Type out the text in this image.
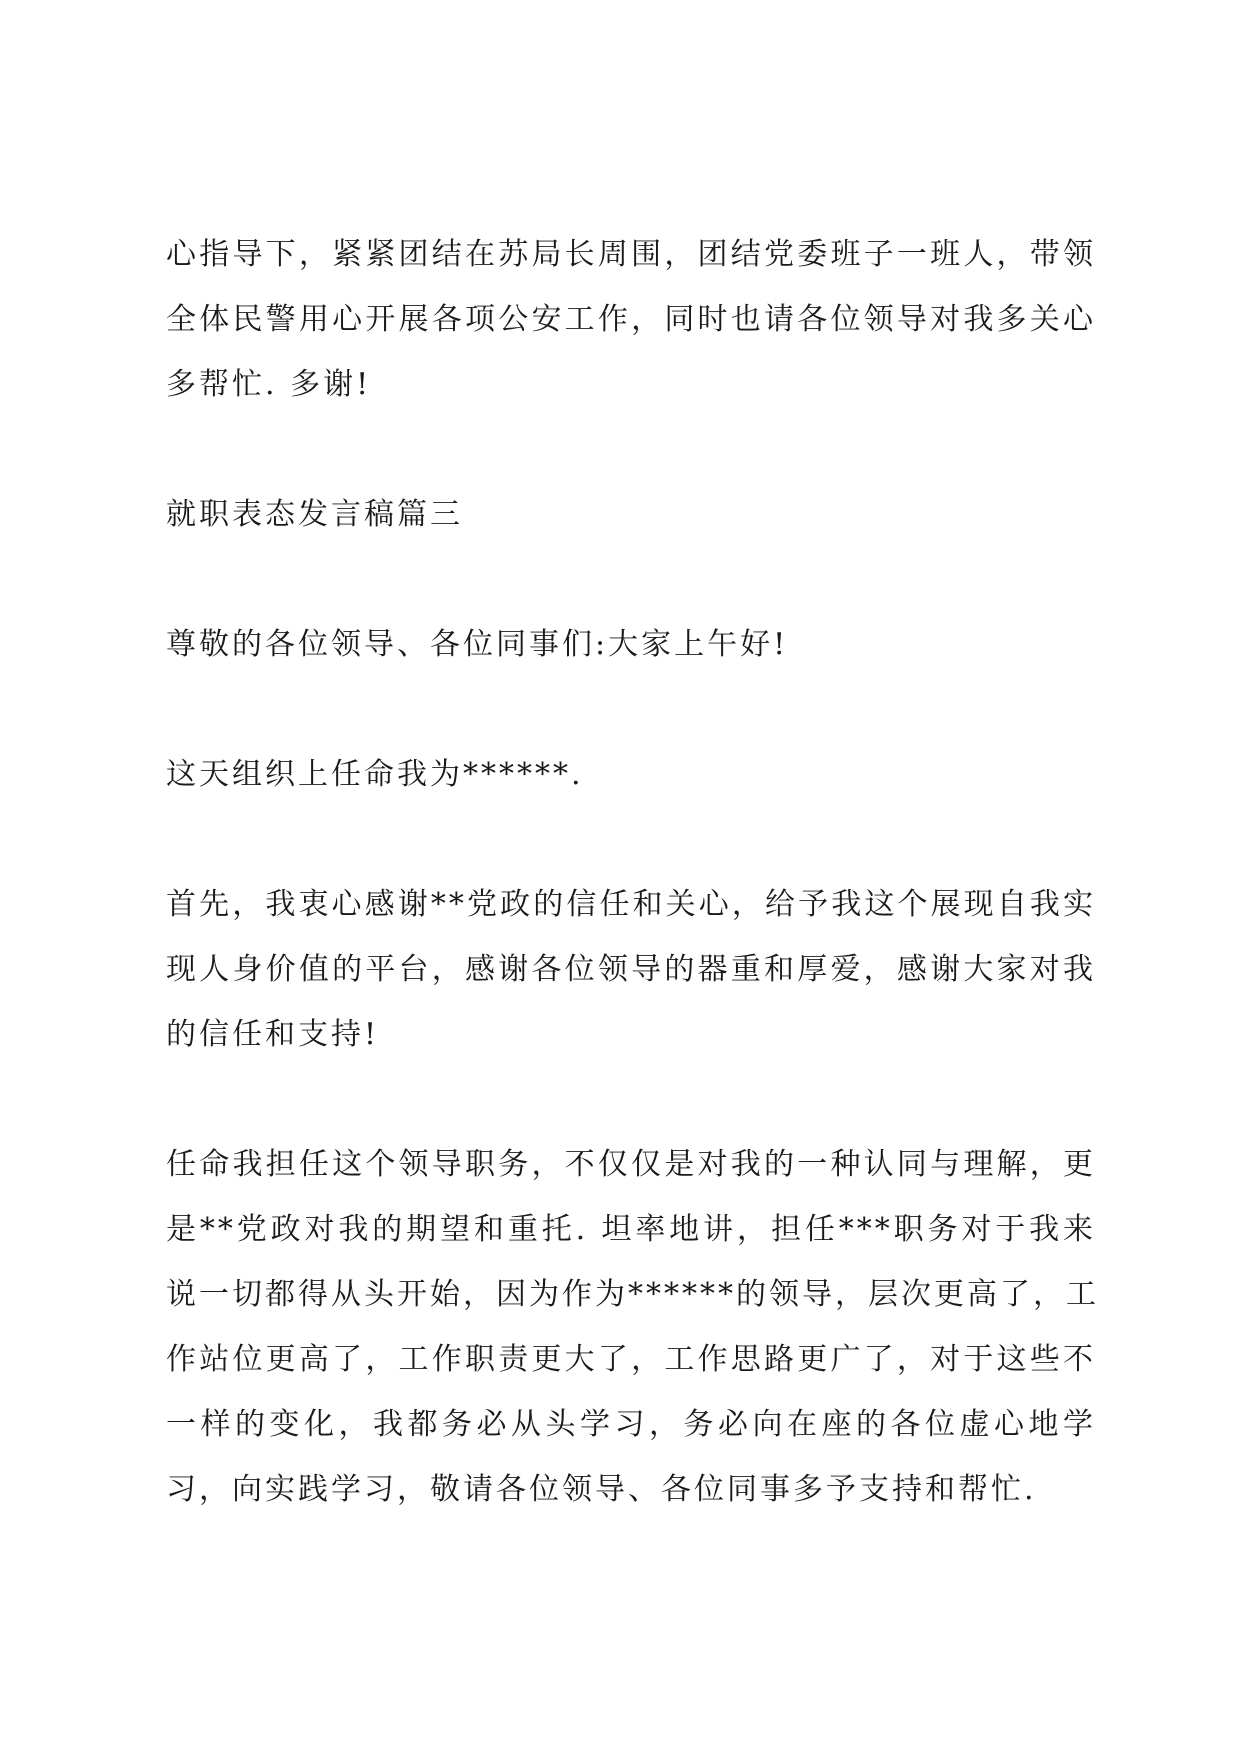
心指导下，紧紧团结在苏局长周围，团结党委班子一班人，带领
全体民警用心开展各项公安工作，同时也请各位领导对我多关心
多帮忙. 多谢!
就职表态发言稿篇三
尊敬的各位领导、各位同事们:大家上午好!
这天组织上任命我为******.
首先，我衷心感谢**党政的信任和关心，给予我这个展现自我实
现人身价值的平台，感谢各位领导的器重和厚爱，感谢大家对我
的信任和支持!
任命我担任这个领导职务，不仅仅是对我的一种认同与理解，更
是**党政对我的期望和重托. 坦率地讲，担任***职务对于我来
说一切都得从头开始，因为作为******的领导，层次更高了，工
作站位更高了，工作职责更大了，工作思路更广了，对于这些不
一样的变化，我都务必从头学习，务必向在座的各位虚心地学
习，向实践学习，敬请各位领导、各位同事多予支持和帮忙.
